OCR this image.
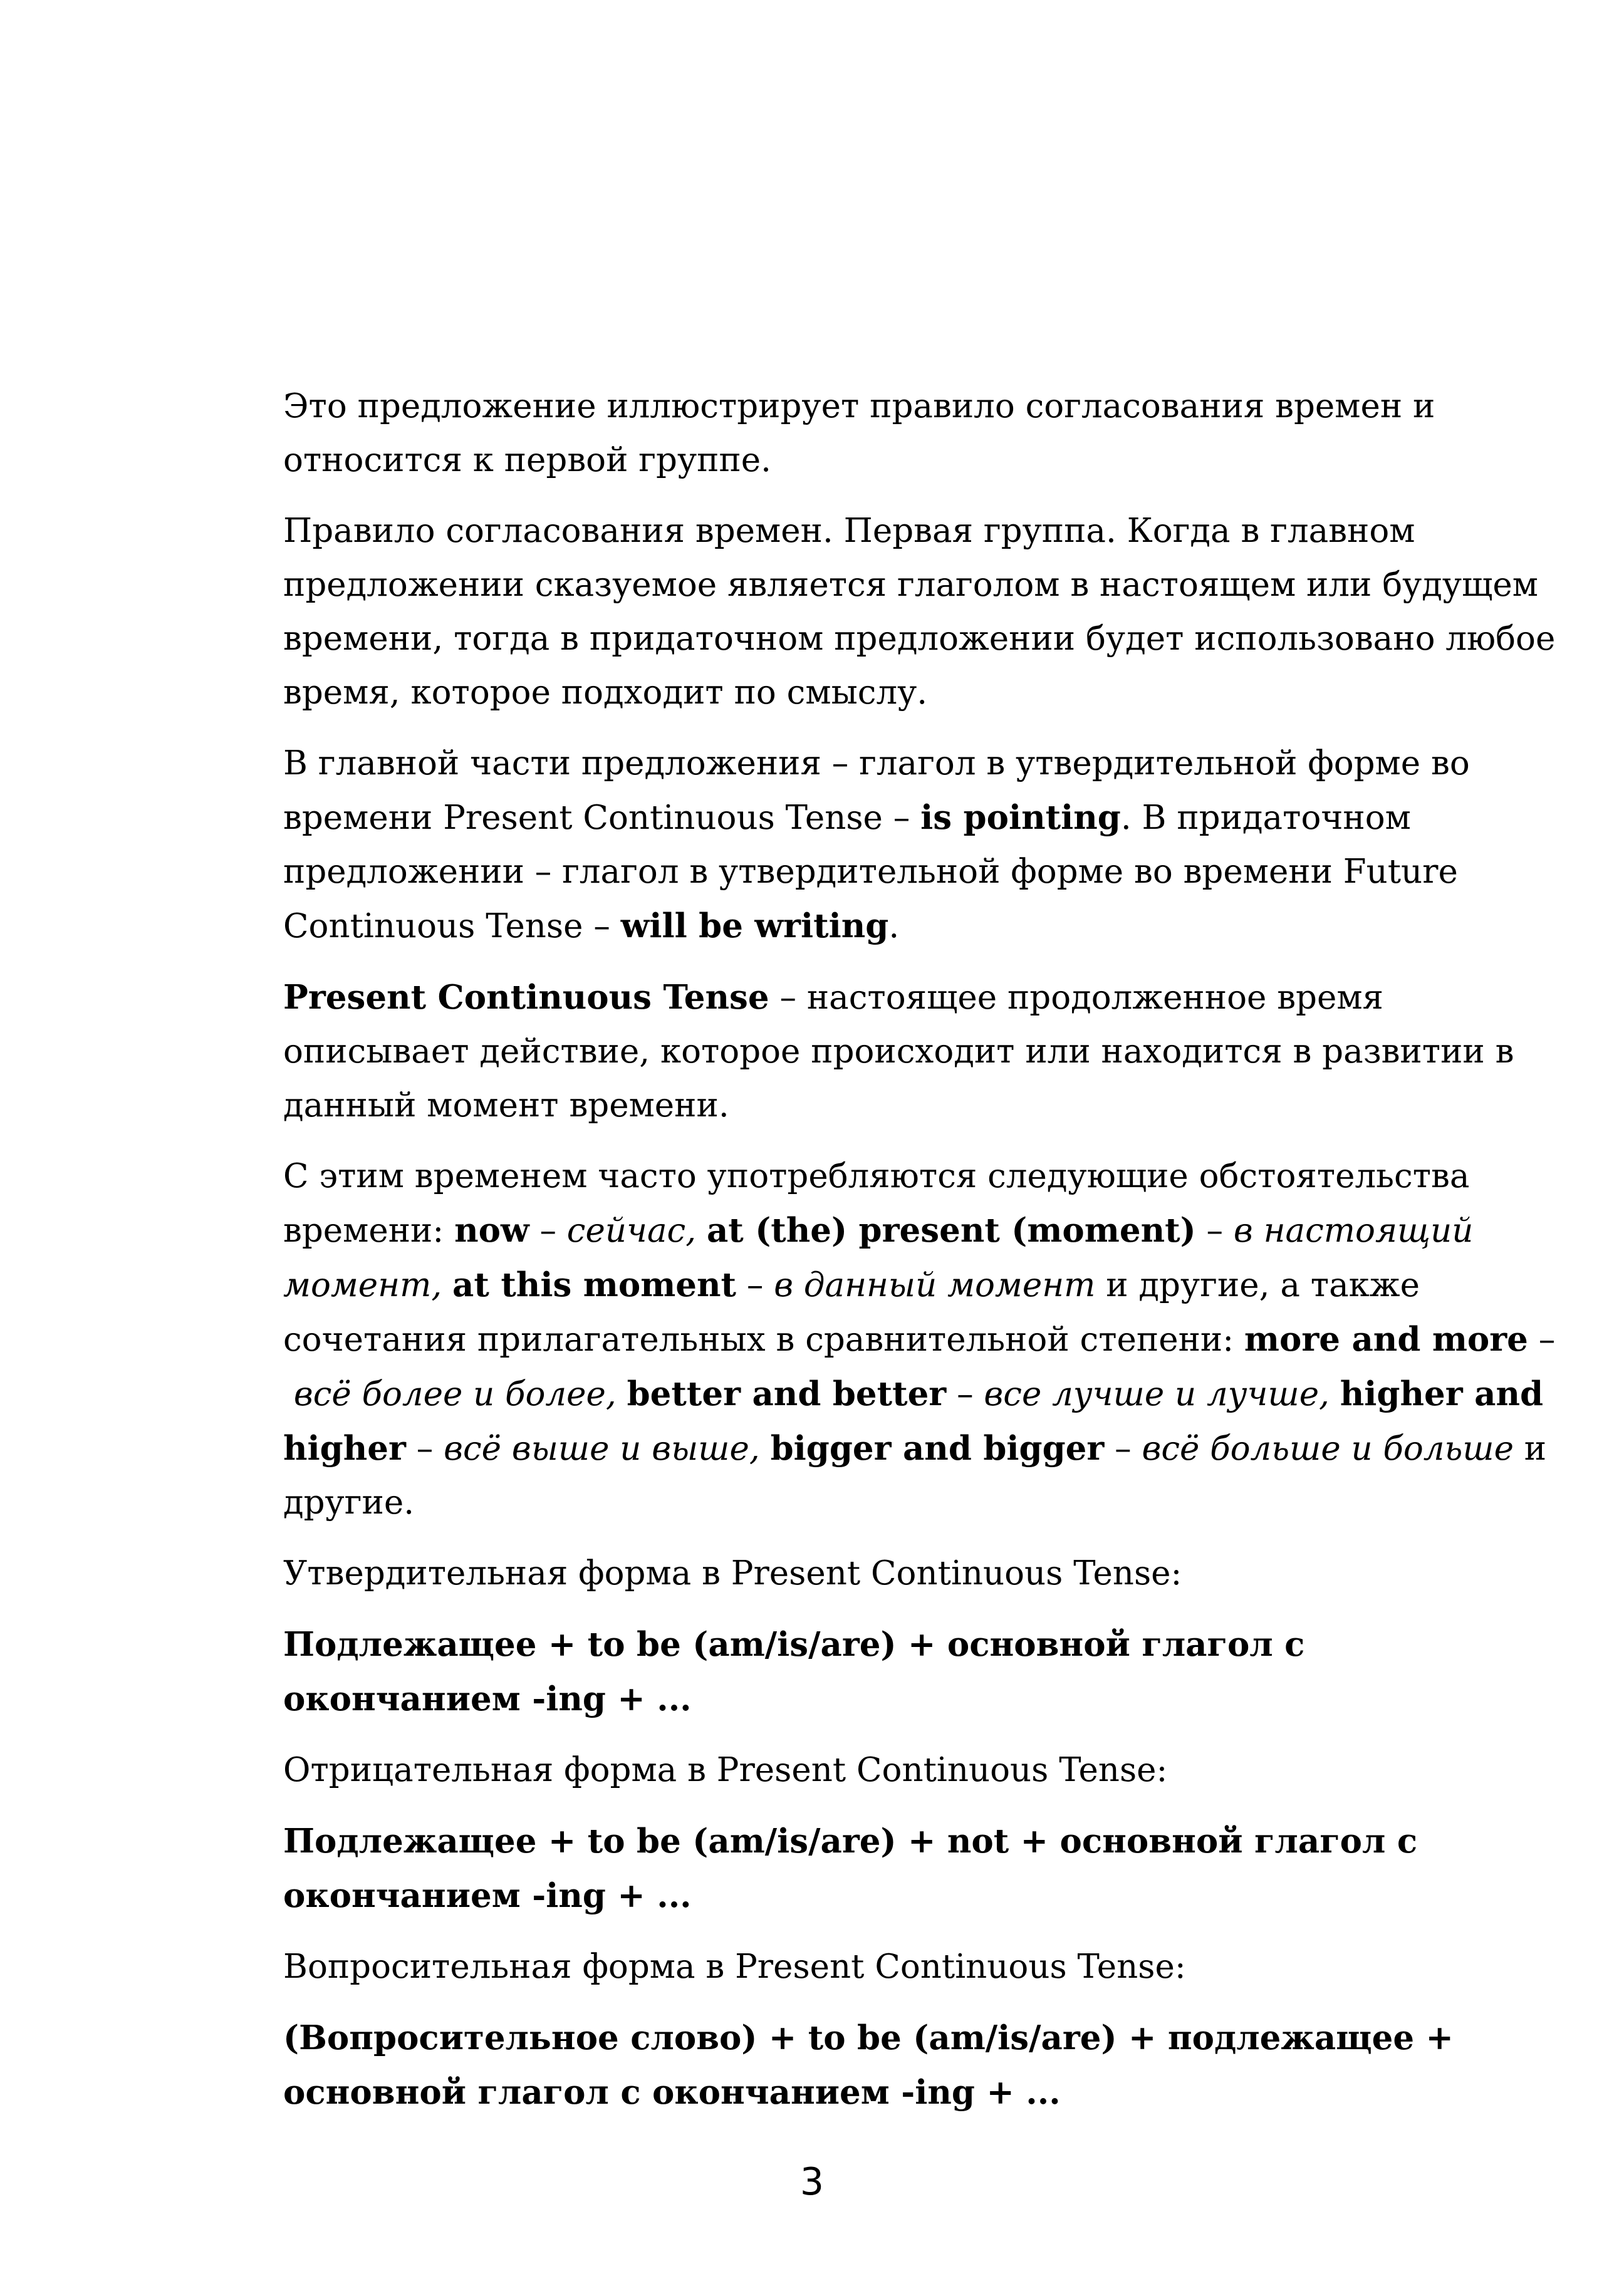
Это предложение иллюстрирует правило согласования времен и
относится к первой группе.

Правило согласования времен. Первая группа. Когда в главном
предложении сказуемое является глаголом в настоящем или будущем
времени, тогда в придаточном предложении будет использовано любое
время, которое подходит по смыслу.

В главной части предложения – глагол в утвердительной форме во
времени Present Continuous Tense – is pointing. В придаточном
предложении – глагол в утвердительной форме во времени Future
Continuous Tense – will be writing.

Present Continuous Tense – настоящее продолженное время
описывает действие, которое происходит или находится в развитии в
данный момент времени.

С этим временем часто употребляются следующие обстоятельства
времени: now – сейчас, at (the) present (moment) – в настоящий
момент, at this moment – в данный момент и другие, а также
сочетания прилагательных в сравнительной степени: more and more –
всё более и более, better and better – все лучше и лучше, higher and
higher – всё выше и выше, bigger and bigger – всё больше и больше и
другие.

Утвердительная форма в Present Continuous Tense:

Подлежащее + to be (am/is/are) + основной глагол с
окончанием -ing + ...

Отрицательная форма в Present Continuous Tense:

Подлежащее + to be (am/is/are) + not + основной глагол с
окончанием -ing + ...

Вопросительная форма в Present Continuous Tense:

(Вопросительное слово) + to be (am/is/are) + подлежащее +
основной глагол с окончанием -ing + ...

3
